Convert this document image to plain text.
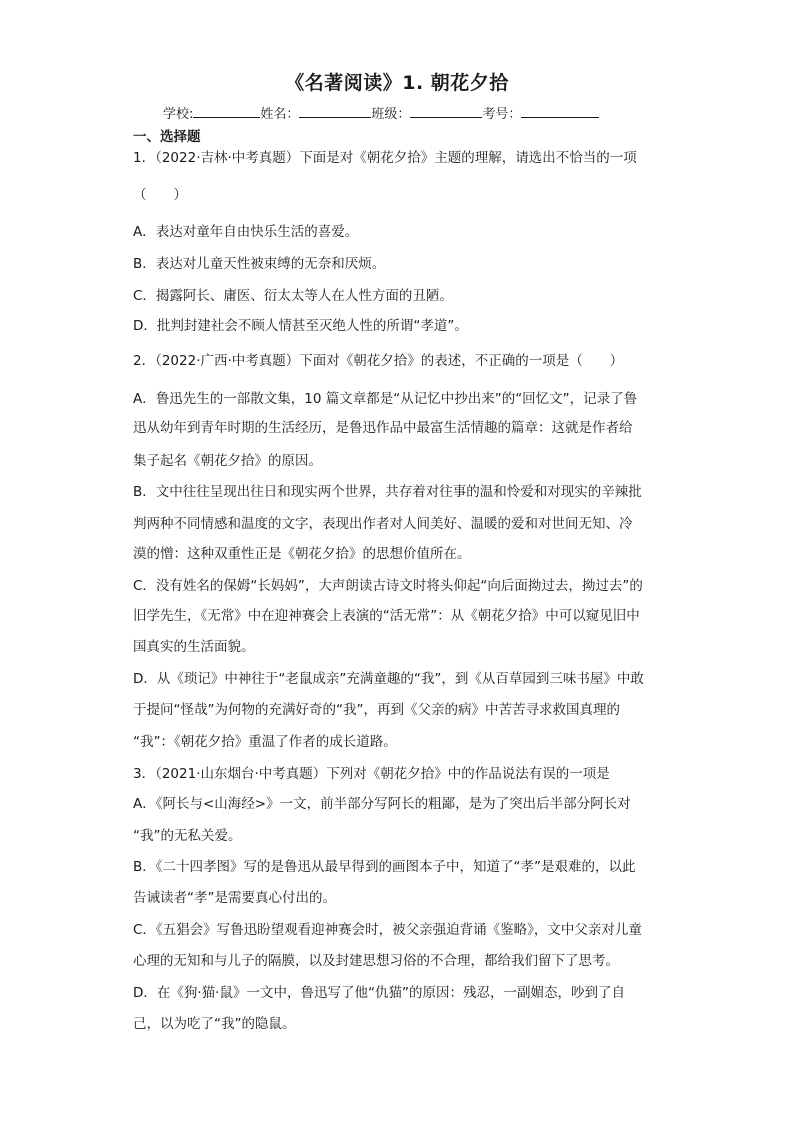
《名著阅读》1. 朝花夕拾
学校:	姓名：	班级：	考号：
一、选择题
1．（2022·吉林·中考真题）下面是对《朝花夕拾》主题的理解，请选出不恰当的一项
（　　）
A．表达对童年自由快乐生活的喜爱。
B．表达对儿童天性被束缚的无奈和厌烦。
C．揭露阿长、庸医、衍太太等人在人性方面的丑陋。
D．批判封建社会不顾人情甚至灭绝人性的所谓“孝道”。
2．（2022·广西·中考真题）下面对《朝花夕拾》的表述，不正确的一项是（　　）
A．鲁迅先生的一部散文集，10 篇文章都是“从记忆中抄出来”的“回忆文”，记录了鲁
迅从幼年到青年时期的生活经历，是鲁迅作品中最富生活情趣的篇章：这就是作者给
集子起名《朝花夕拾》的原因。
B．文中往往呈现出往日和现实两个世界，共存着对往事的温和怜爱和对现实的辛辣批
判两种不同情感和温度的文字，表现出作者对人间美好、温暖的爱和对世间无知、冷
漠的憎：这种双重性正是《朝花夕拾》的思想价值所在。
C．没有姓名的保姆“长妈妈”，大声朗读古诗文时将头仰起“向后面拗过去，拗过去”的
旧学先生，《无常》中在迎神赛会上表演的“活无常”：从《朝花夕拾》中可以窥见旧中
国真实的生活面貌。
D．从《琐记》中神往于“老鼠成亲”充满童趣的“我”，到《从百草园到三味书屋》中敢
于提问“怪哉”为何物的充满好奇的“我”，再到《父亲的病》中苦苦寻求救国真理的
“我”：《朝花夕拾》重温了作者的成长道路。
3．（2021·山东烟台·中考真题）下列对《朝花夕拾》中的作品说法有误的一项是
A．《阿长与<山海经>》一文，前半部分写阿长的粗鄙，是为了突出后半部分阿长对
“我”的无私关爱。
B．《二十四孝图》写的是鲁迅从最早得到的画图本子中，知道了“孝”是艰难的，以此
告诫读者“孝”是需要真心付出的。
C．《五猖会》写鲁迅盼望观看迎神赛会时，被父亲强迫背诵《鉴略》，文中父亲对儿童
心理的无知和与儿子的隔膜，以及封建思想习俗的不合理，都给我们留下了思考。
D．在《狗·猫·鼠》一文中，鲁迅写了他“仇猫”的原因：残忍，一副媚态，吵到了自
己，以为吃了“我”的隐鼠。
